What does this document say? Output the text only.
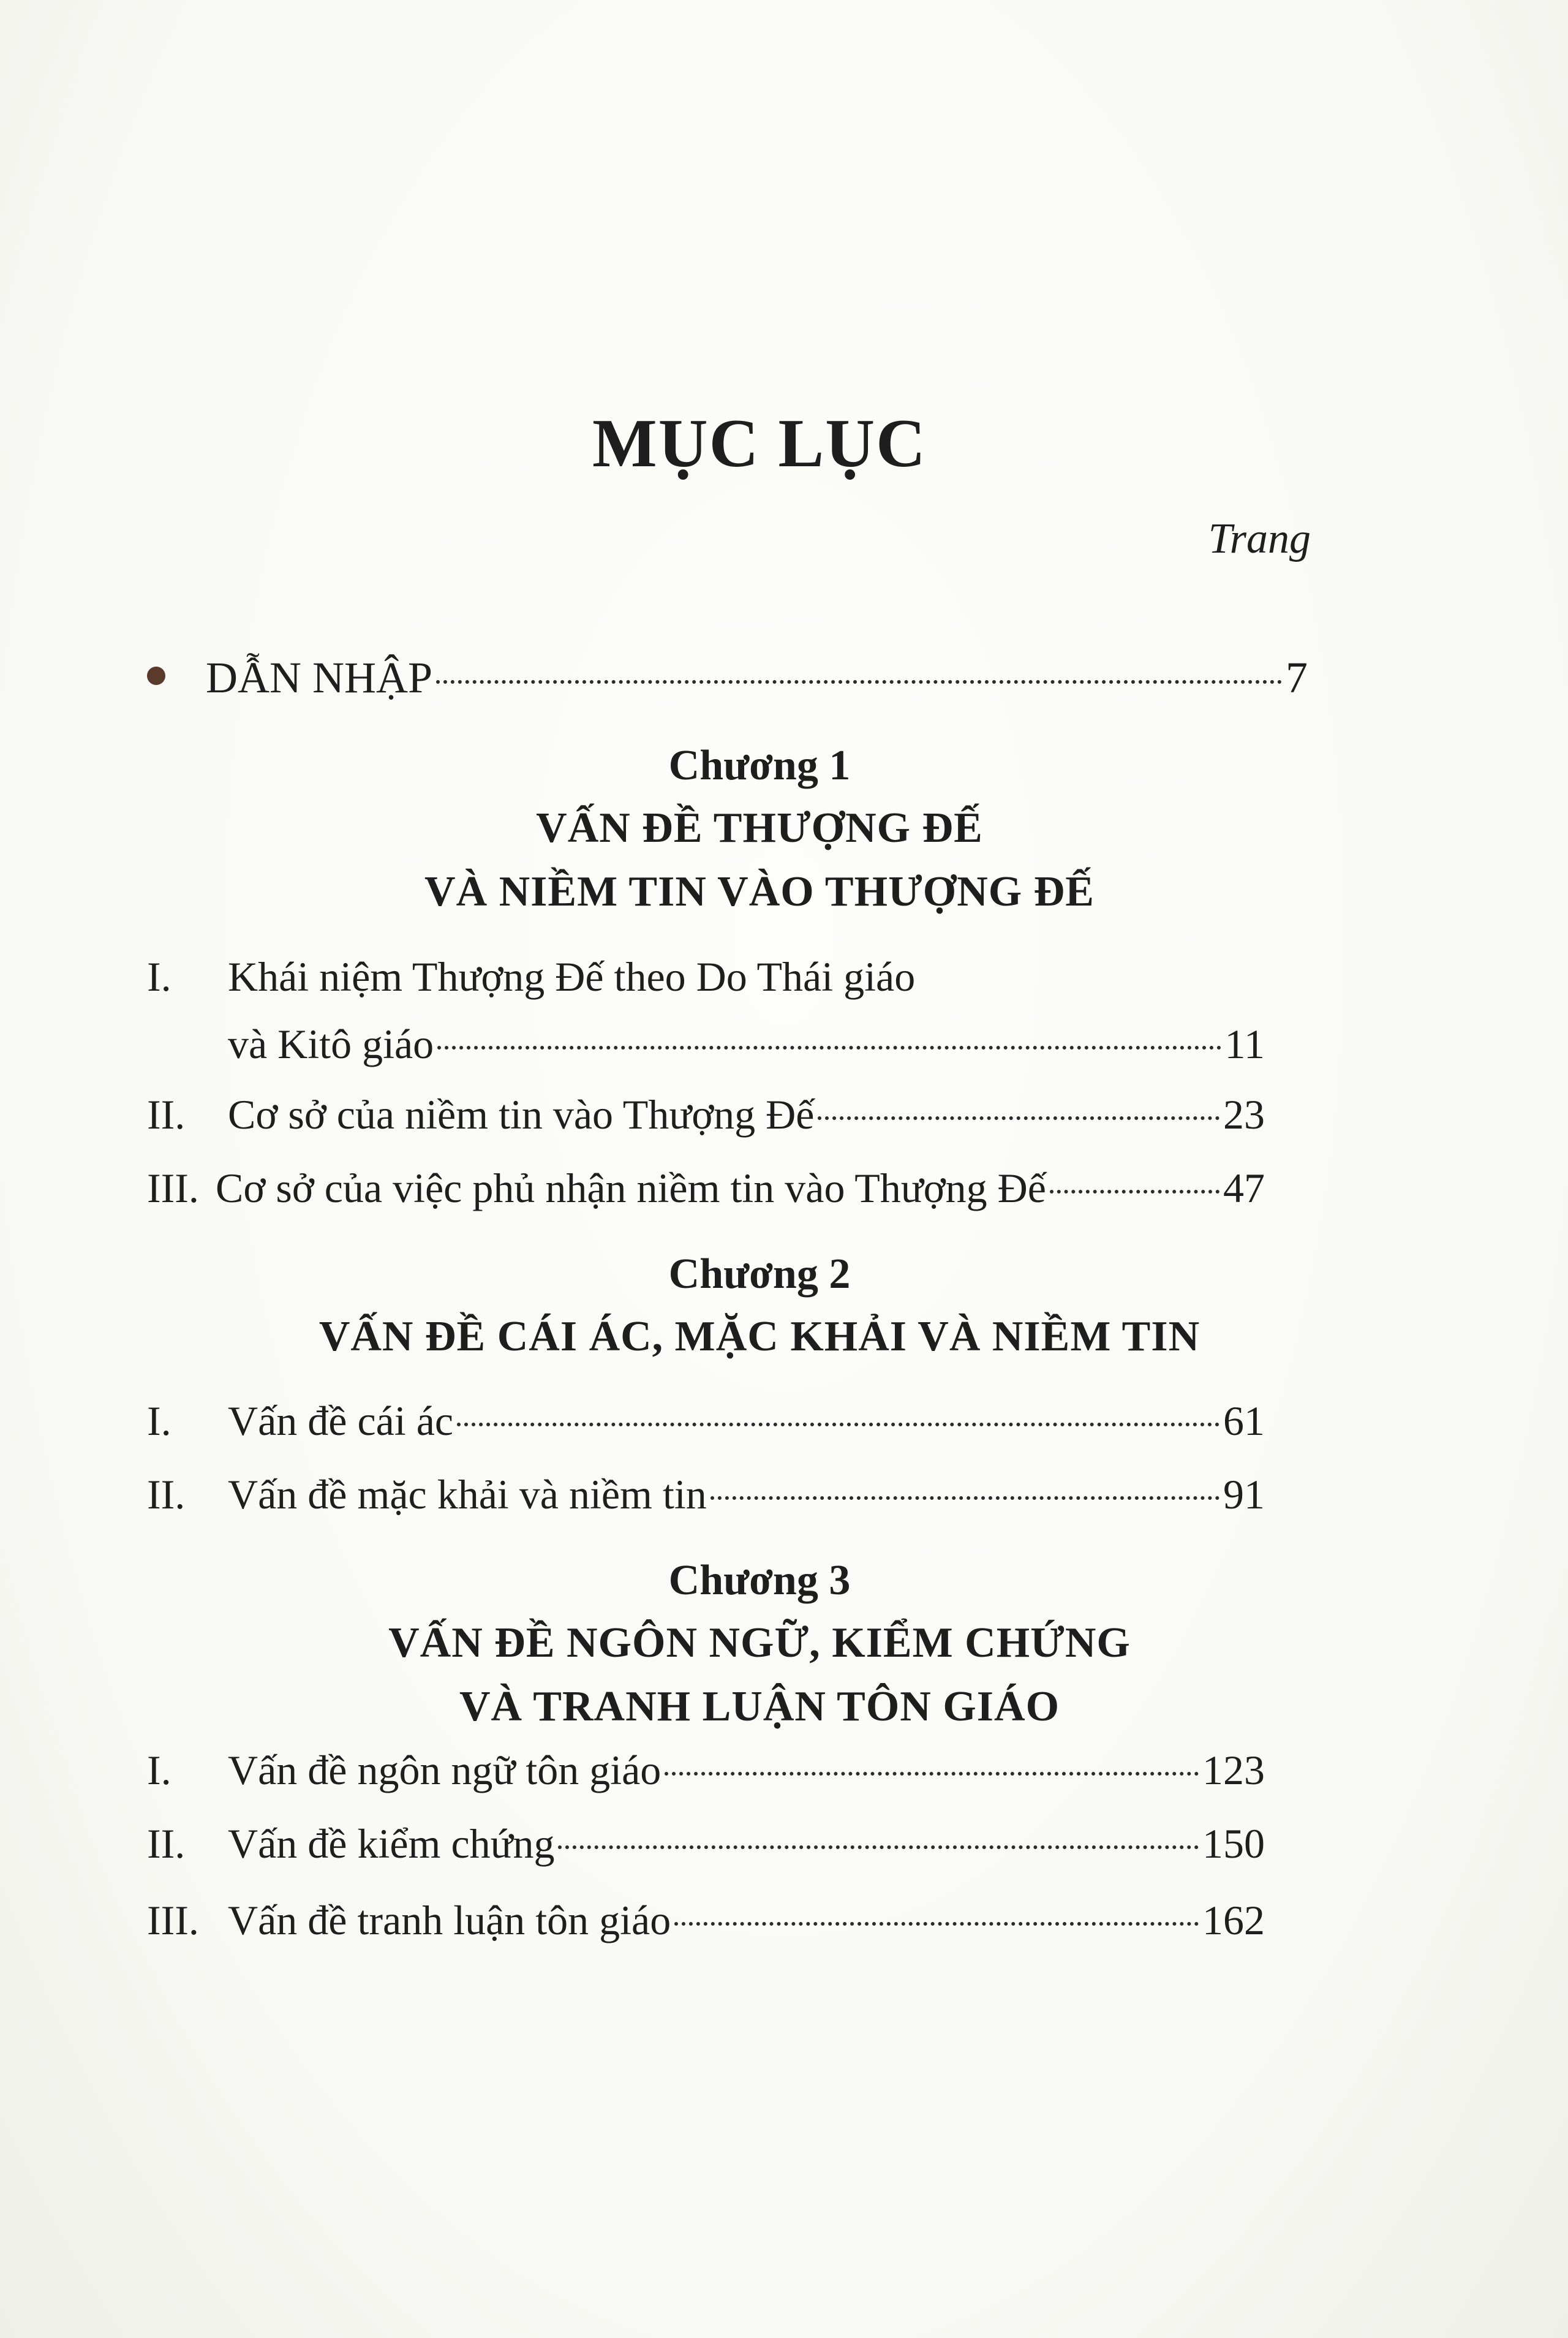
MỤC LỤC
Trang
DẪN NHẬP	7
Chương 1
VẤN ĐỀ THƯỢNG ĐẾ
VÀ NIỀM TIN VÀO THƯỢNG ĐẾ
I.	Khái niệm Thượng Đế theo Do Thái giáo
và Kitô giáo	11
II.	Cơ sở của niềm tin vào Thượng Đế	23
III. Cơ sở của việc phủ nhận niềm tin vào Thượng Đế	47
Chương 2
VẤN ĐỀ CÁI ÁC, MẶC KHẢI VÀ NIỀM TIN
I.	Vấn đề cái ác	61
II.	Vấn đề mặc khải và niềm tin	91
Chương 3
VẤN ĐỀ NGÔN NGỮ, KIỂM CHỨNG
VÀ TRANH LUẬN TÔN GIÁO
I.	Vấn đề ngôn ngữ tôn giáo	123
II.	Vấn đề kiểm chứng	150
III. Vấn đề tranh luận tôn giáo	162
